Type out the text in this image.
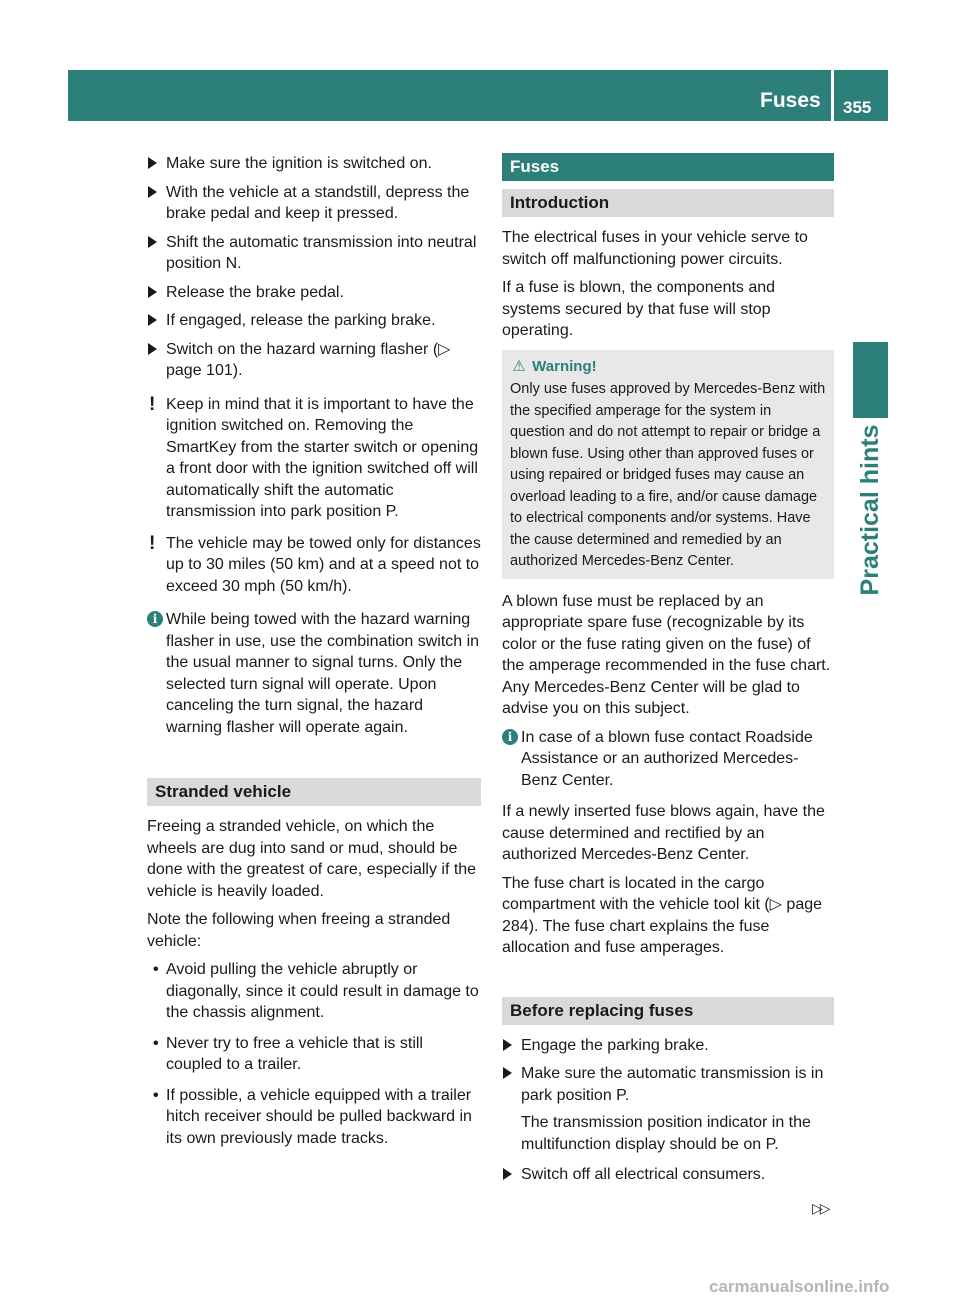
Fuses 355
Practical hints
Make sure the ignition is switched on.
With the vehicle at a standstill, depress the brake pedal and keep it pressed.
Shift the automatic transmission into neutral position N.
Release the brake pedal.
If engaged, release the parking brake.
Switch on the hazard warning flasher (▷ page 101).
! Keep in mind that it is important to have the ignition switched on. Removing the SmartKey from the starter switch or opening a front door with the ignition switched off will automatically shift the automatic transmission into park position P.
! The vehicle may be towed only for distances up to 30 miles (50 km) and at a speed not to exceed 30 mph (50 km/h).
i While being towed with the hazard warning flasher in use, use the combination switch in the usual manner to signal turns. Only the selected turn signal will operate. Upon canceling the turn signal, the hazard warning flasher will operate again.
Stranded vehicle

Freeing a stranded vehicle, on which the wheels are dug into sand or mud, should be done with the greatest of care, especially if the vehicle is heavily loaded.

Note the following when freeing a stranded vehicle:

• Avoid pulling the vehicle abruptly or diagonally, since it could result in damage to the chassis alignment.
• Never try to free a vehicle that is still coupled to a trailer.
• If possible, a vehicle equipped with a trailer hitch receiver should be pulled backward in its own previously made tracks.
Fuses
Introduction

The electrical fuses in your vehicle serve to switch off malfunctioning power circuits.

If a fuse is blown, the components and systems secured by that fuse will stop operating.

⚠ Warning!
Only use fuses approved by Mercedes-Benz with the specified amperage for the system in question and do not attempt to repair or bridge a blown fuse. Using other than approved fuses or using repaired or bridged fuses may cause an overload leading to a fire, and/or cause damage to electrical components and/or systems. Have the cause determined and remedied by an authorized Mercedes-Benz Center.

A blown fuse must be replaced by an appropriate spare fuse (recognizable by its color or the fuse rating given on the fuse) of the amperage recommended in the fuse chart. Any Mercedes-Benz Center will be glad to advise you on this subject.

i In case of a blown fuse contact Roadside Assistance or an authorized Mercedes-Benz Center.

If a newly inserted fuse blows again, have the cause determined and rectified by an authorized Mercedes-Benz Center.

The fuse chart is located in the cargo compartment with the vehicle tool kit (▷ page 284). The fuse chart explains the fuse allocation and fuse amperages.

Before replacing fuses
Engage the parking brake.
Make sure the automatic transmission is in park position P.
The transmission position indicator in the multifunction display should be on P.
Switch off all electrical consumers.
▷▷
carmanualsonline.info
